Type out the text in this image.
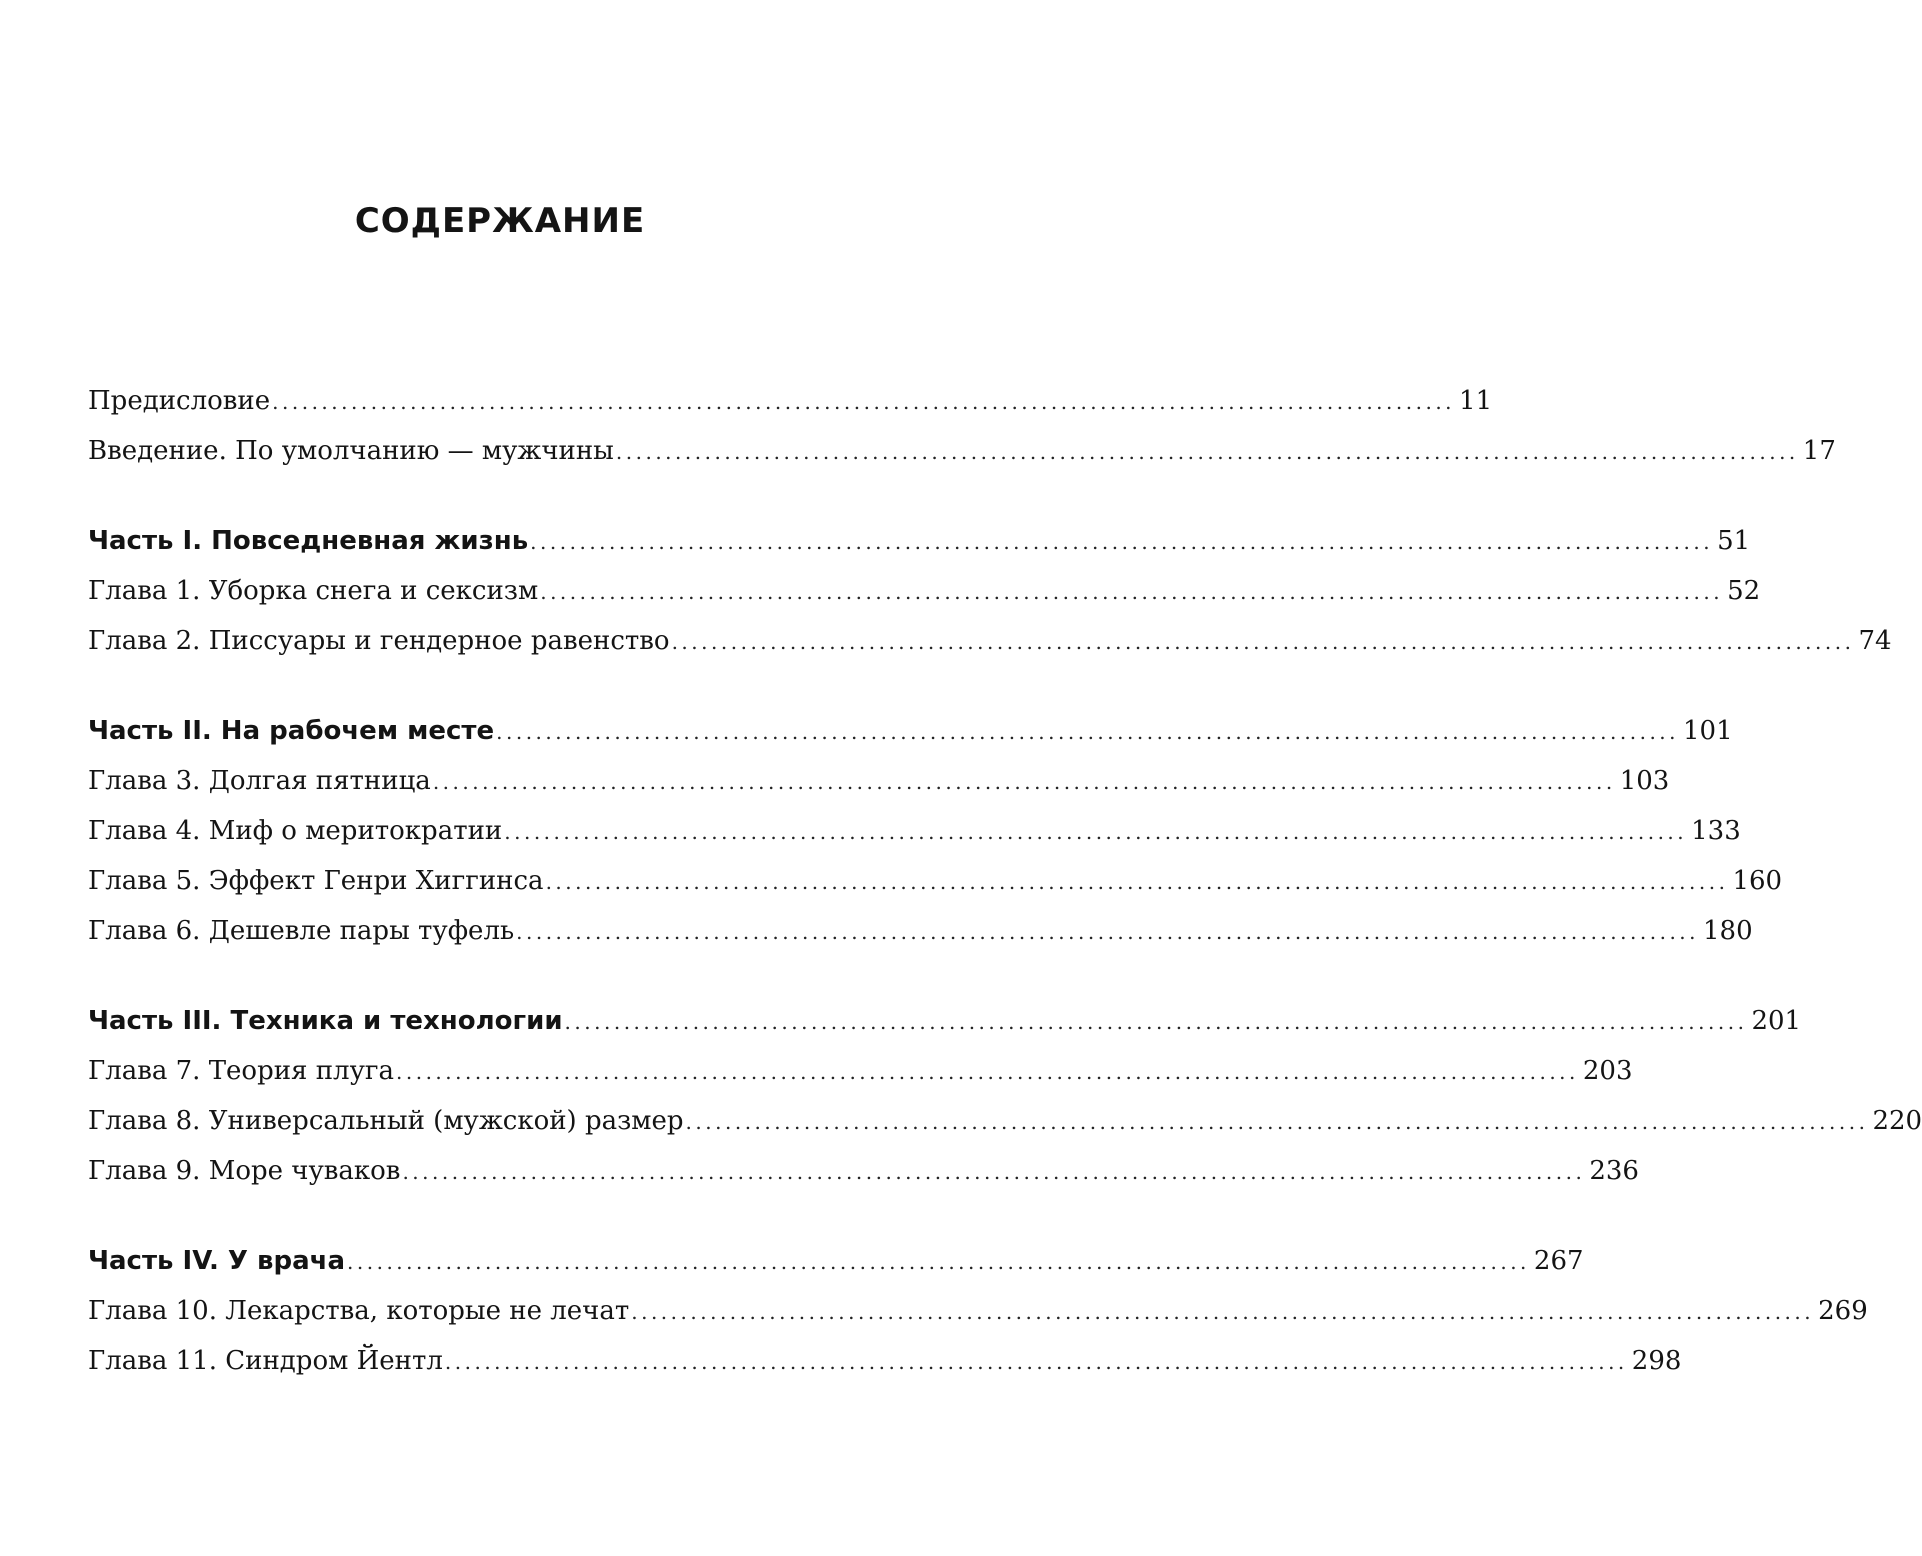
СОДЕРЖАНИЕ
Предисловие ........................................................................................................................ 11
Введение. По умолчанию — мужчины ........................................................................................................................ 17
Часть I. Повседневная жизнь ........................................................................................................................ 51
Глава 1. Уборка снега и сексизм ........................................................................................................................ 52
Глава 2. Писсуары и гендерное равенство ........................................................................................................................ 74
Часть II. На рабочем месте ........................................................................................................................ 101
Глава 3. Долгая пятница ........................................................................................................................ 103
Глава 4. Миф о меритократии ........................................................................................................................ 133
Глава 5. Эффект Генри Хиггинса ........................................................................................................................ 160
Глава 6. Дешевле пары туфель ........................................................................................................................ 180
Часть III. Техника и технологии ........................................................................................................................ 201
Глава 7. Теория плуга ........................................................................................................................ 203
Глава 8. Универсальный (мужской) размер ........................................................................................................................ 220
Глава 9. Море чуваков ........................................................................................................................ 236
Часть IV. У врача ........................................................................................................................ 267
Глава 10. Лекарства, которые не лечат ........................................................................................................................ 269
Глава 11. Синдром Йентл ........................................................................................................................ 298
